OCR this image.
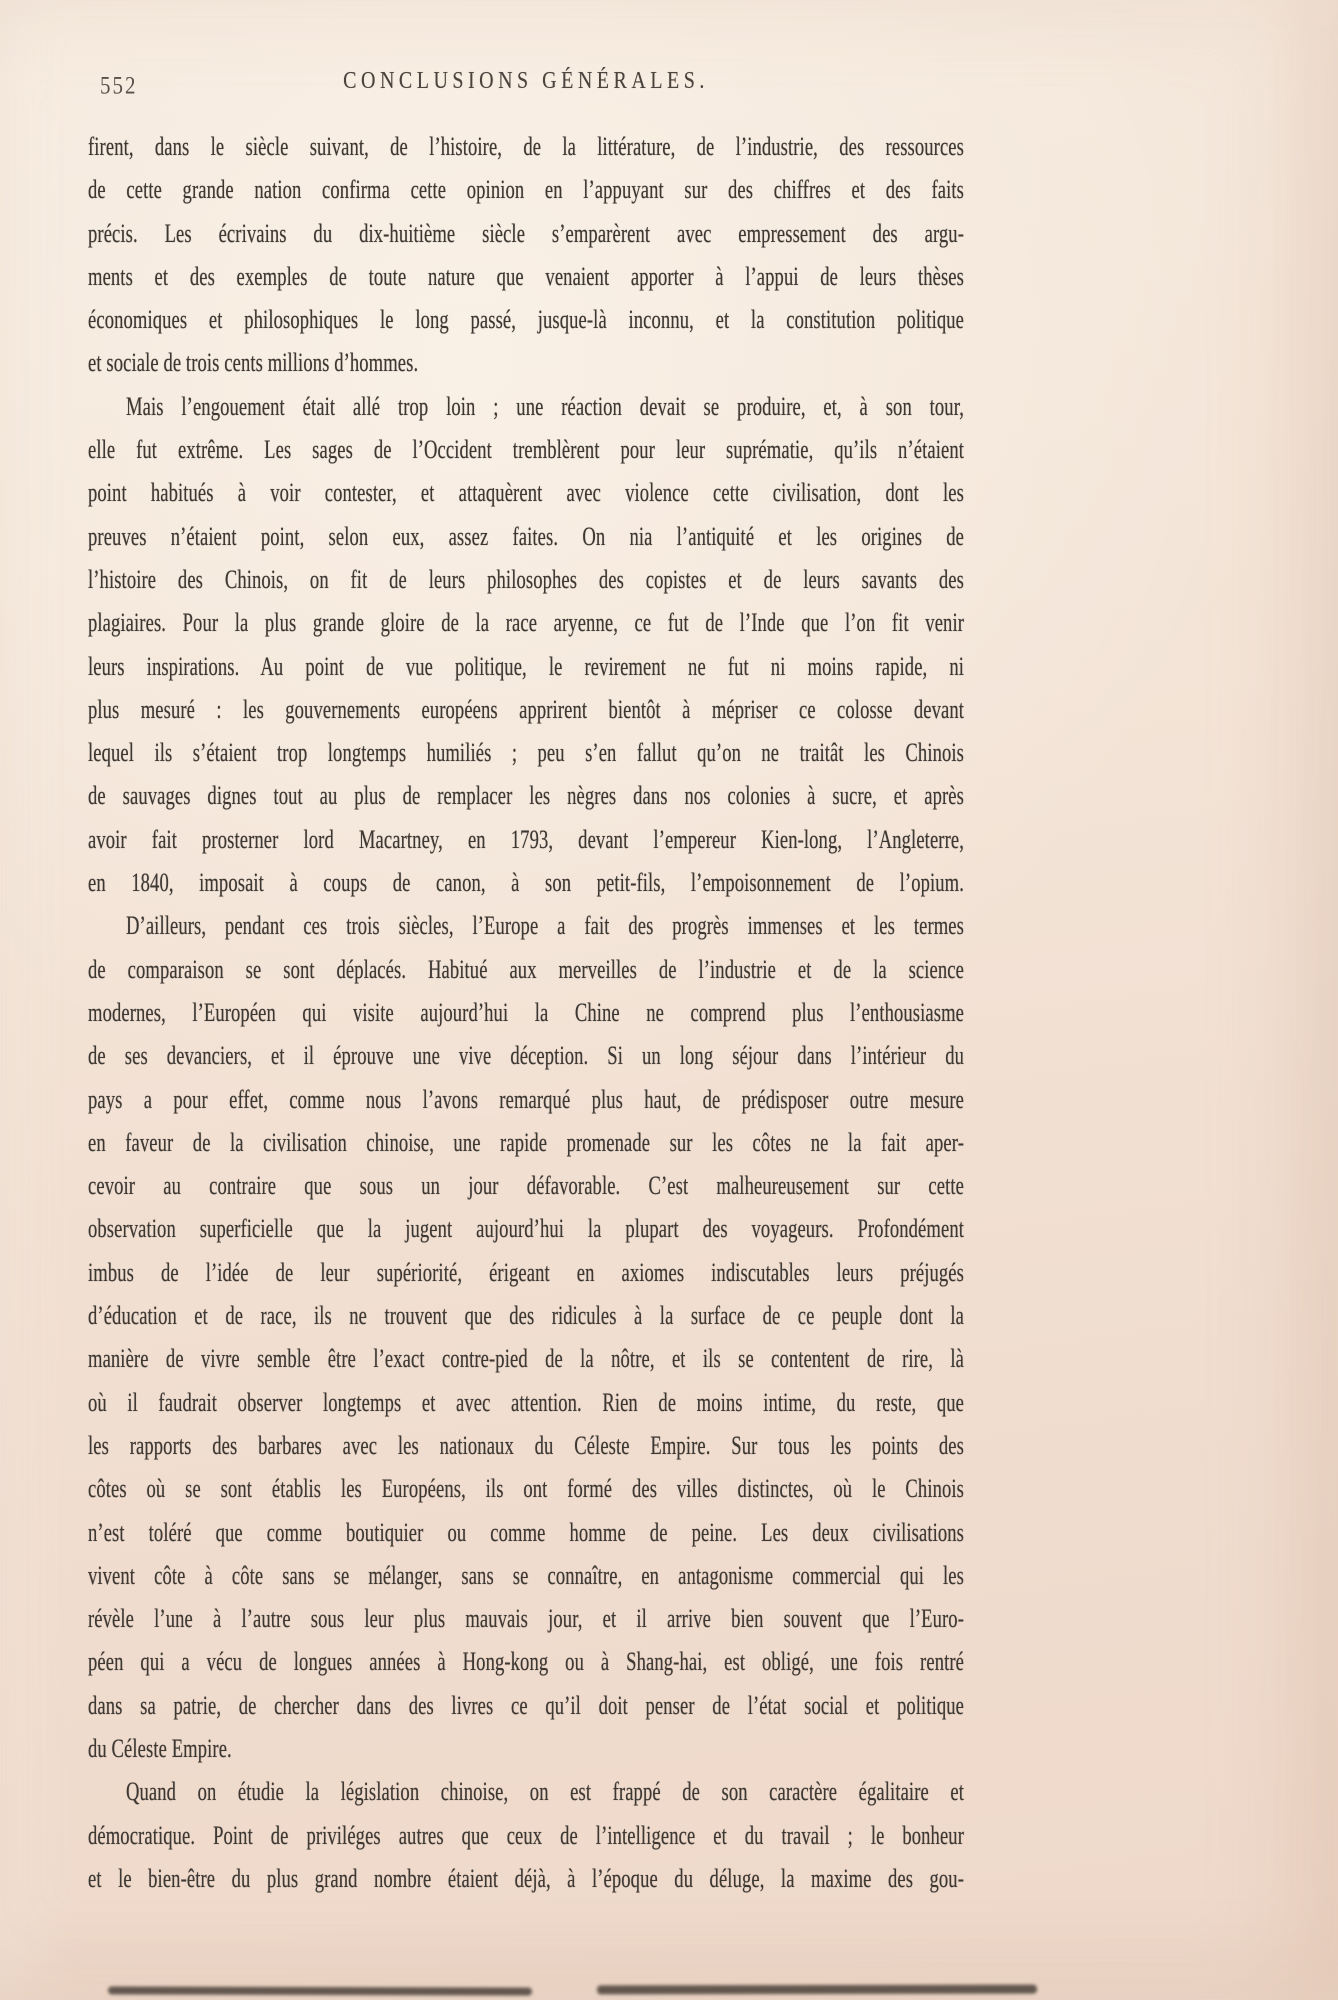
552	CONCLUSIONS GÉNÉRALES.
firent, dans le siècle suivant, de l’histoire, de la littérature, de l’industrie, des ressources
de cette grande nation confirma cette opinion en l’appuyant sur des chiffres et des faits
précis. Les écrivains du dix-huitième siècle s’emparèrent avec empressement des argu-
ments et des exemples de toute nature que venaient apporter à l’appui de leurs thèses
économiques et philosophiques le long passé, jusque-là inconnu, et la constitution politique
et sociale de trois cents millions d’hommes.
Mais l’engouement était allé trop loin ; une réaction devait se produire, et, à son tour,
elle fut extrême. Les sages de l’Occident tremblèrent pour leur suprématie, qu’ils n’étaient
point habitués à voir contester, et attaquèrent avec violence cette civilisation, dont les
preuves n’étaient point, selon eux, assez faites. On nia l’antiquité et les origines de
l’histoire des Chinois, on fit de leurs philosophes des copistes et de leurs savants des
plagiaires. Pour la plus grande gloire de la race aryenne, ce fut de l’Inde que l’on fit venir
leurs inspirations. Au point de vue politique, le revirement ne fut ni moins rapide, ni
plus mesuré : les gouvernements européens apprirent bientôt à mépriser ce colosse devant
lequel ils s’étaient trop longtemps humiliés ; peu s’en fallut qu’on ne traitât les Chinois
de sauvages dignes tout au plus de remplacer les nègres dans nos colonies à sucre, et après
avoir fait prosterner lord Macartney, en 1793, devant l’empereur Kien-long, l’Angleterre,
en 1840, imposait à coups de canon, à son petit-fils, l’empoisonnement de l’opium.
D’ailleurs, pendant ces trois siècles, l’Europe a fait des progrès immenses et les termes
de comparaison se sont déplacés. Habitué aux merveilles de l’industrie et de la science
modernes, l’Européen qui visite aujourd’hui la Chine ne comprend plus l’enthousiasme
de ses devanciers, et il éprouve une vive déception. Si un long séjour dans l’intérieur du
pays a pour effet, comme nous l’avons remarqué plus haut, de prédisposer outre mesure
en faveur de la civilisation chinoise, une rapide promenade sur les côtes ne la fait aper-
cevoir au contraire que sous un jour défavorable. C’est malheureusement sur cette
observation superficielle que la jugent aujourd’hui la plupart des voyageurs. Profondément
imbus de l’idée de leur supériorité, érigeant en axiomes indiscutables leurs préjugés
d’éducation et de race, ils ne trouvent que des ridicules à la surface de ce peuple dont la
manière de vivre semble être l’exact contre-pied de la nôtre, et ils se contentent de rire, là
où il faudrait observer longtemps et avec attention. Rien de moins intime, du reste, que
les rapports des barbares avec les nationaux du Céleste Empire. Sur tous les points des
côtes où se sont établis les Européens, ils ont formé des villes distinctes, où le Chinois
n’est toléré que comme boutiquier ou comme homme de peine. Les deux civilisations
vivent côte à côte sans se mélanger, sans se connaître, en antagonisme commercial qui les
révèle l’une à l’autre sous leur plus mauvais jour, et il arrive bien souvent que l’Euro-
péen qui a vécu de longues années à Hong-kong ou à Shang-hai, est obligé, une fois rentré
dans sa patrie, de chercher dans des livres ce qu’il doit penser de l’état social et politique
du Céleste Empire.
Quand on étudie la législation chinoise, on est frappé de son caractère égalitaire et
démocratique. Point de priviléges autres que ceux de l’intelligence et du travail ; le bonheur
et le bien-être du plus grand nombre étaient déjà, à l’époque du déluge, la maxime des gou-
